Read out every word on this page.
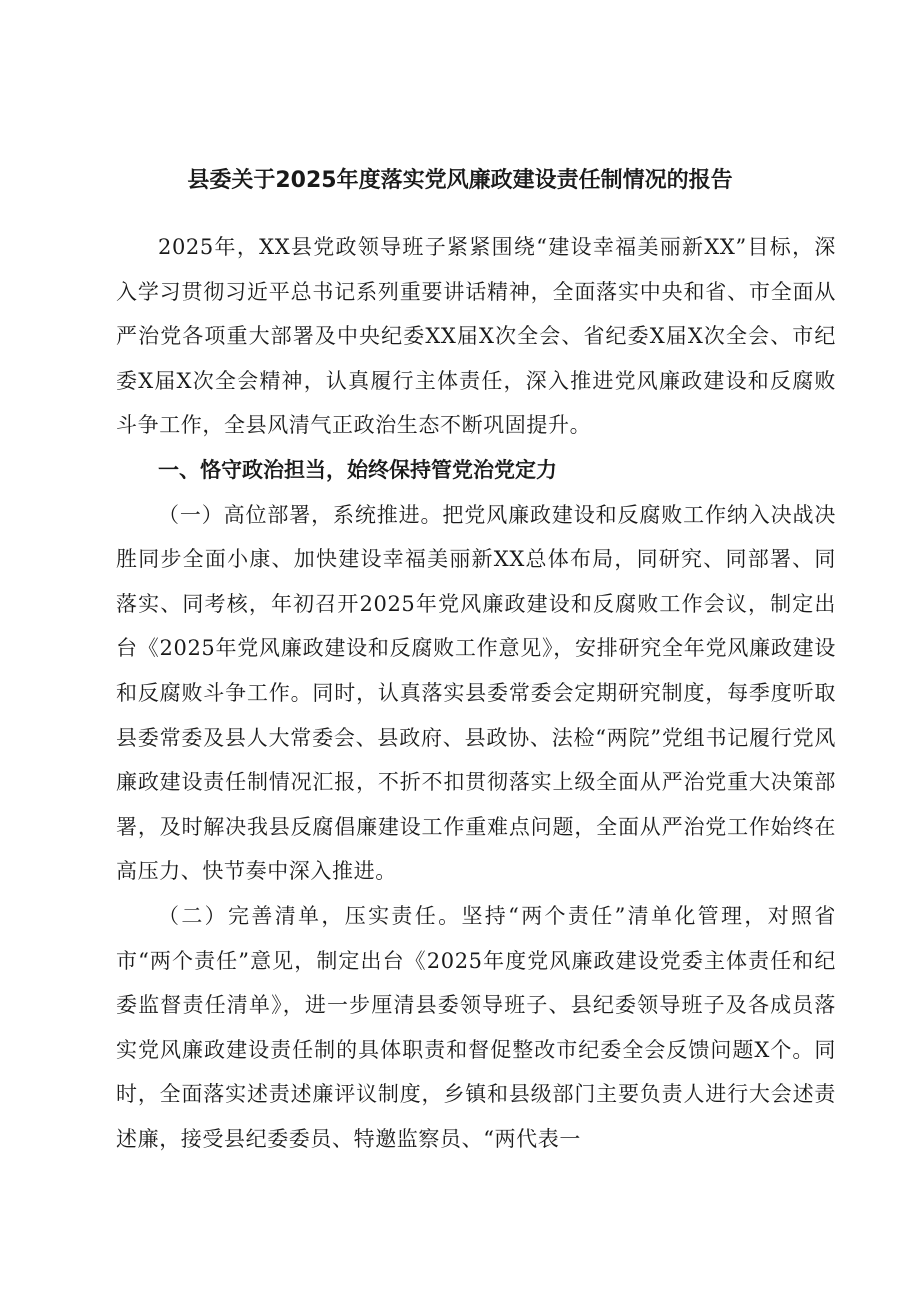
县委关于2025年度落实党风廉政建设责任制情况的报告

2025年，XX县党政领导班子紧紧围绕“建设幸福美丽新XX”目标，深入学习贯彻习近平总书记系列重要讲话精神，全面落实中央和省、市全面从严治党各项重大部署及中央纪委XX届X次全会、省纪委X届X次全会、市纪委X届X次全会精神，认真履行主体责任，深入推进党风廉政建设和反腐败斗争工作，全县风清气正政治生态不断巩固提升。

一、恪守政治担当，始终保持管党治党定力

（一）高位部署，系统推进。把党风廉政建设和反腐败工作纳入决战决胜同步全面小康、加快建设幸福美丽新XX总体布局，同研究、同部署、同落实、同考核，年初召开2025年党风廉政建设和反腐败工作会议，制定出台《2025年党风廉政建设和反腐败工作意见》，安排研究全年党风廉政建设和反腐败斗争工作。同时，认真落实县委常委会定期研究制度，每季度听取县委常委及县人大常委会、县政府、县政协、法检“两院”党组书记履行党风廉政建设责任制情况汇报，不折不扣贯彻落实上级全面从严治党重大决策部署，及时解决我县反腐倡廉建设工作重难点问题，全面从严治党工作始终在高压力、快节奏中深入推进。

（二）完善清单，压实责任。坚持“两个责任”清单化管理，对照省市“两个责任”意见，制定出台《2025年度党风廉政建设党委主体责任和纪委监督责任清单》，进一步厘清县委领导班子、县纪委领导班子及各成员落实党风廉政建设责任制的具体职责和督促整改市纪委全会反馈问题X个。同时，全面落实述责述廉评议制度，乡镇和县级部门主要负责人进行大会述责述廉，接受县纪委委员、特邀监察员、“两代表一
